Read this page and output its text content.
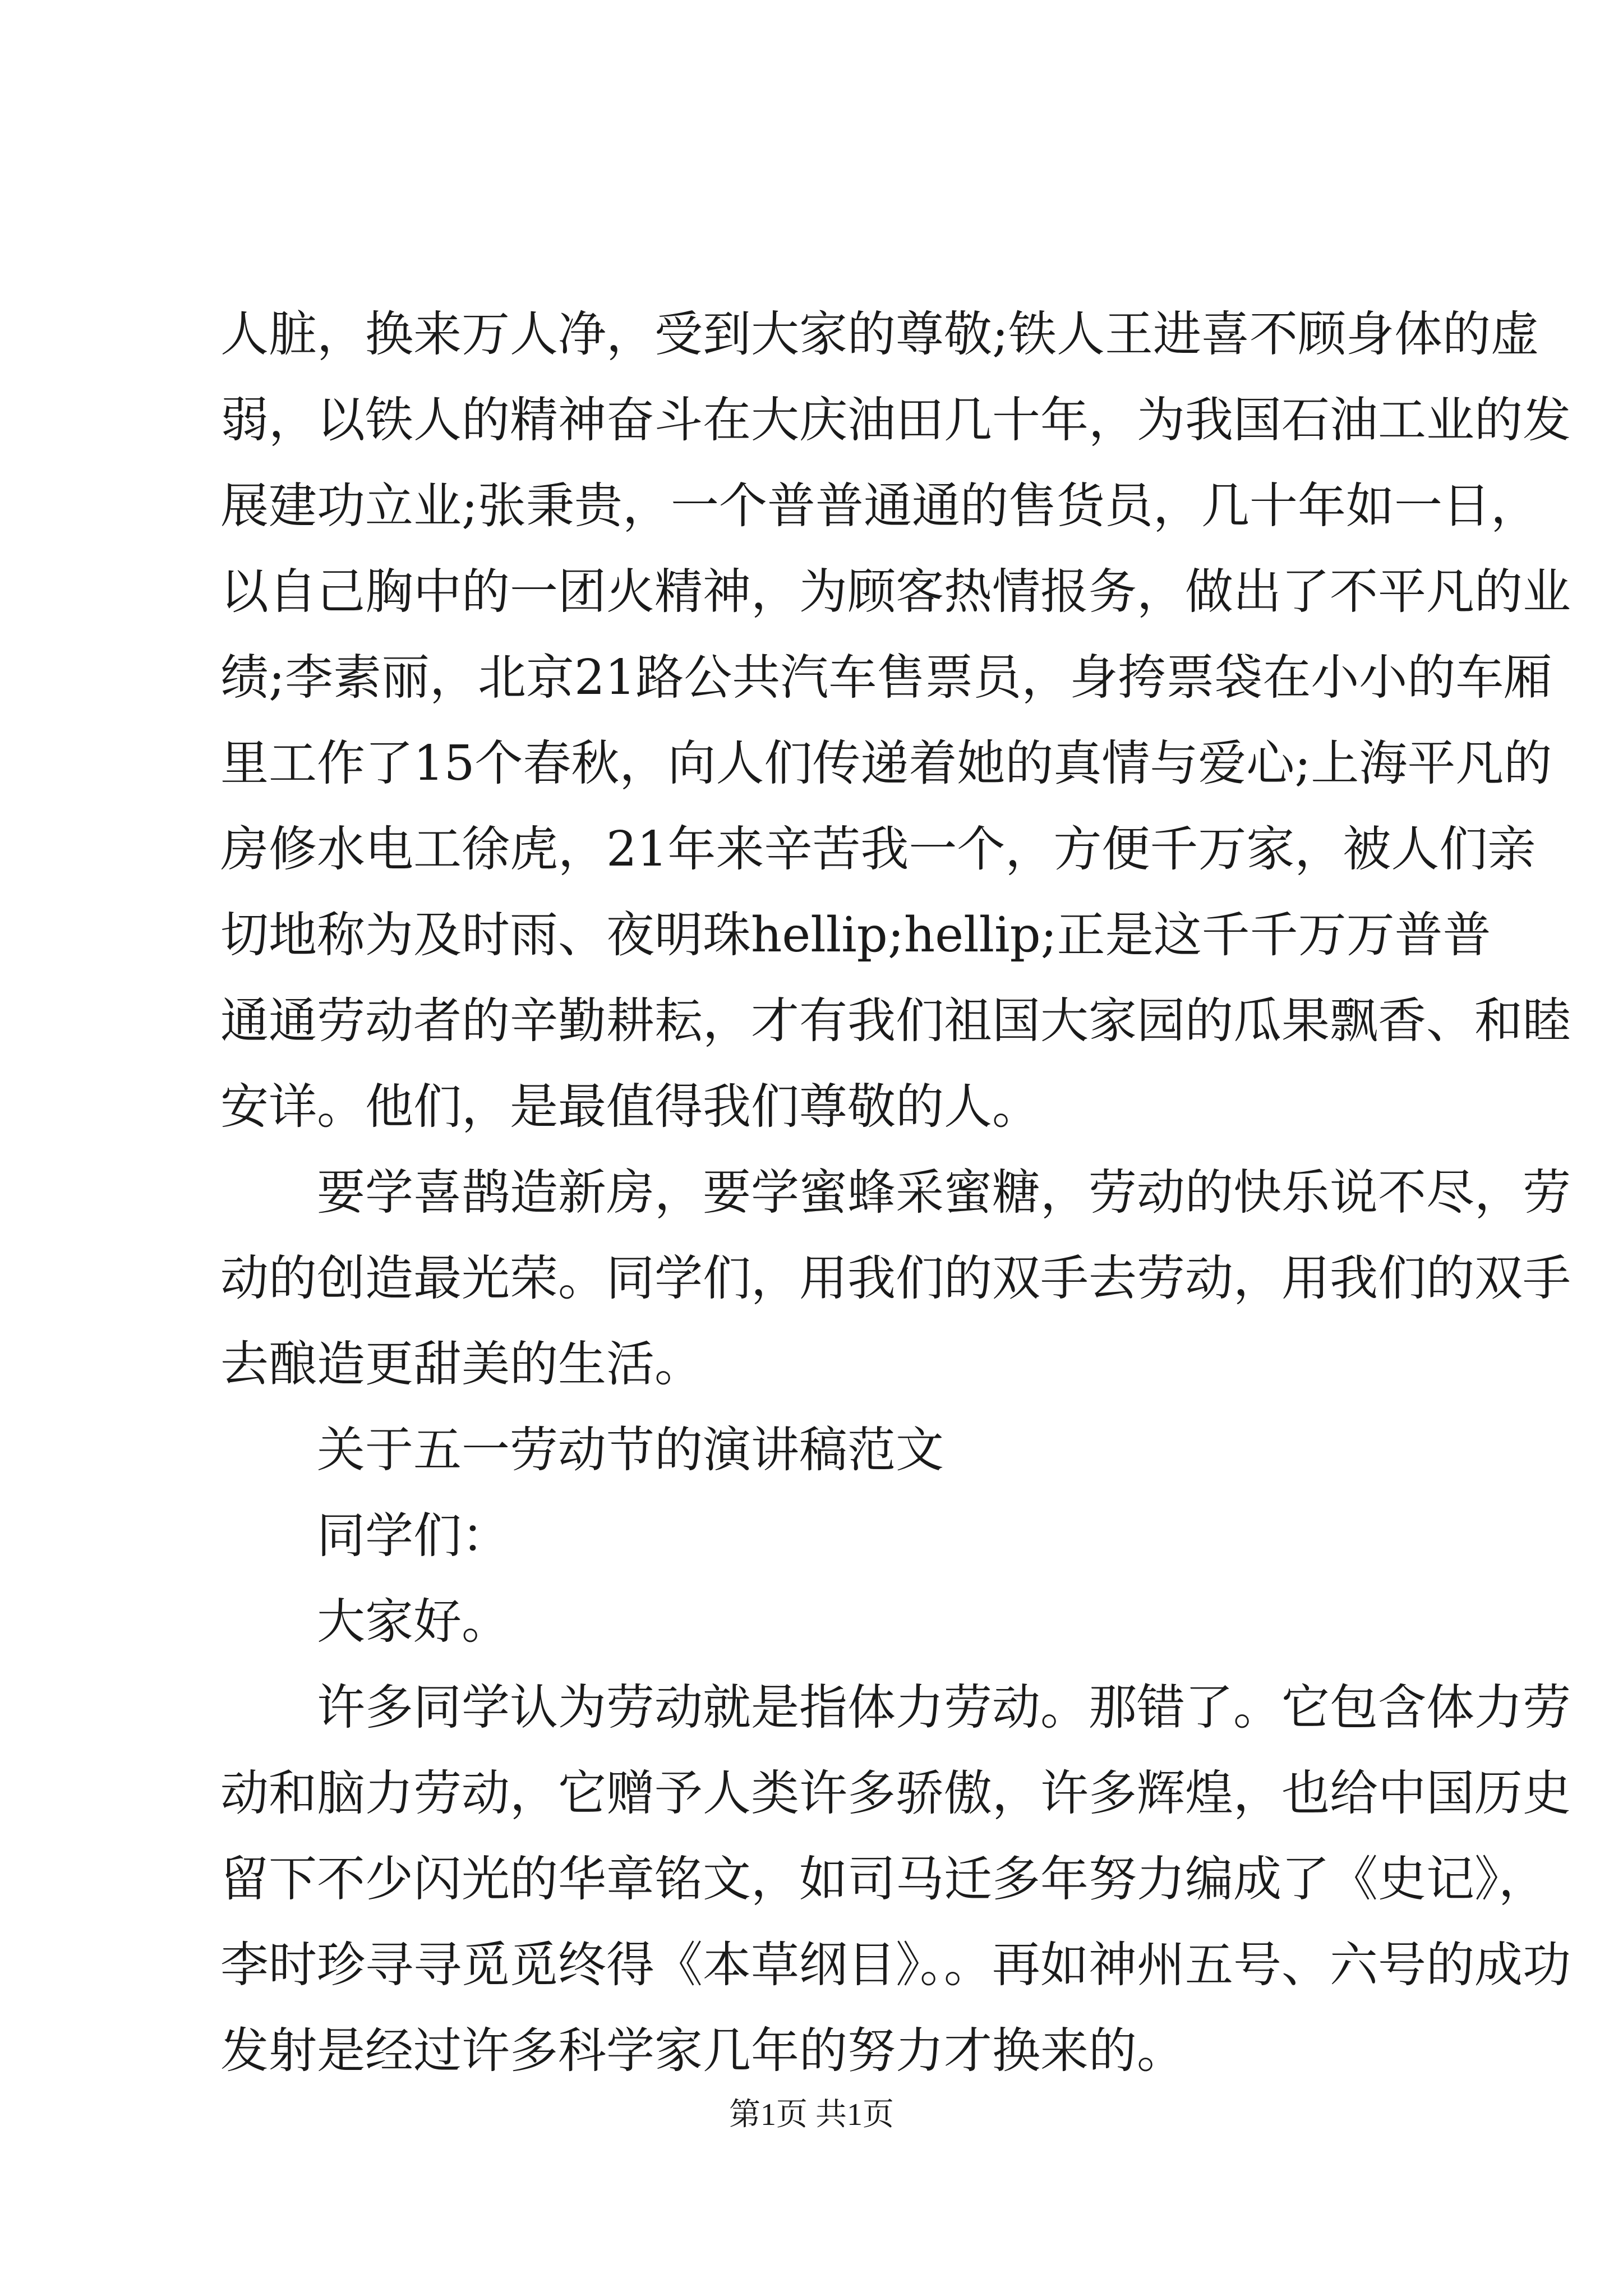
人脏，换来万人净，受到大家的尊敬;铁人王进喜不顾身体的虚
弱，以铁人的精神奋斗在大庆油田几十年，为我国石油工业的发
展建功立业;张秉贵，一个普普通通的售货员，几十年如一日，
以自己胸中的一团火精神，为顾客热情报务，做出了不平凡的业
绩;李素丽，北京21路公共汽车售票员，身挎票袋在小小的车厢
里工作了15个春秋，向人们传递着她的真情与爱心;上海平凡的
房修水电工徐虎，21年来辛苦我一个，方便千万家，被人们亲
切地称为及时雨、夜明珠hellip;hellip;正是这千千万万普普
通通劳动者的辛勤耕耘，才有我们祖国大家园的瓜果飘香、和睦
安详。他们，是最值得我们尊敬的人。
要学喜鹊造新房，要学蜜蜂采蜜糖，劳动的快乐说不尽，劳
动的创造最光荣。同学们，用我们的双手去劳动，用我们的双手
去酿造更甜美的生活。
关于五一劳动节的演讲稿范文
同学们：
大家好。
许多同学认为劳动就是指体力劳动。那错了。它包含体力劳
动和脑力劳动，它赠予人类许多骄傲，许多辉煌，也给中国历史
留下不少闪光的华章铭文，如司马迁多年努力编成了《史记》，
李时珍寻寻觅觅终得《本草纲目》。。再如神州五号、六号的成功
发射是经过许多科学家几年的努力才换来的。
第1页 共1页
